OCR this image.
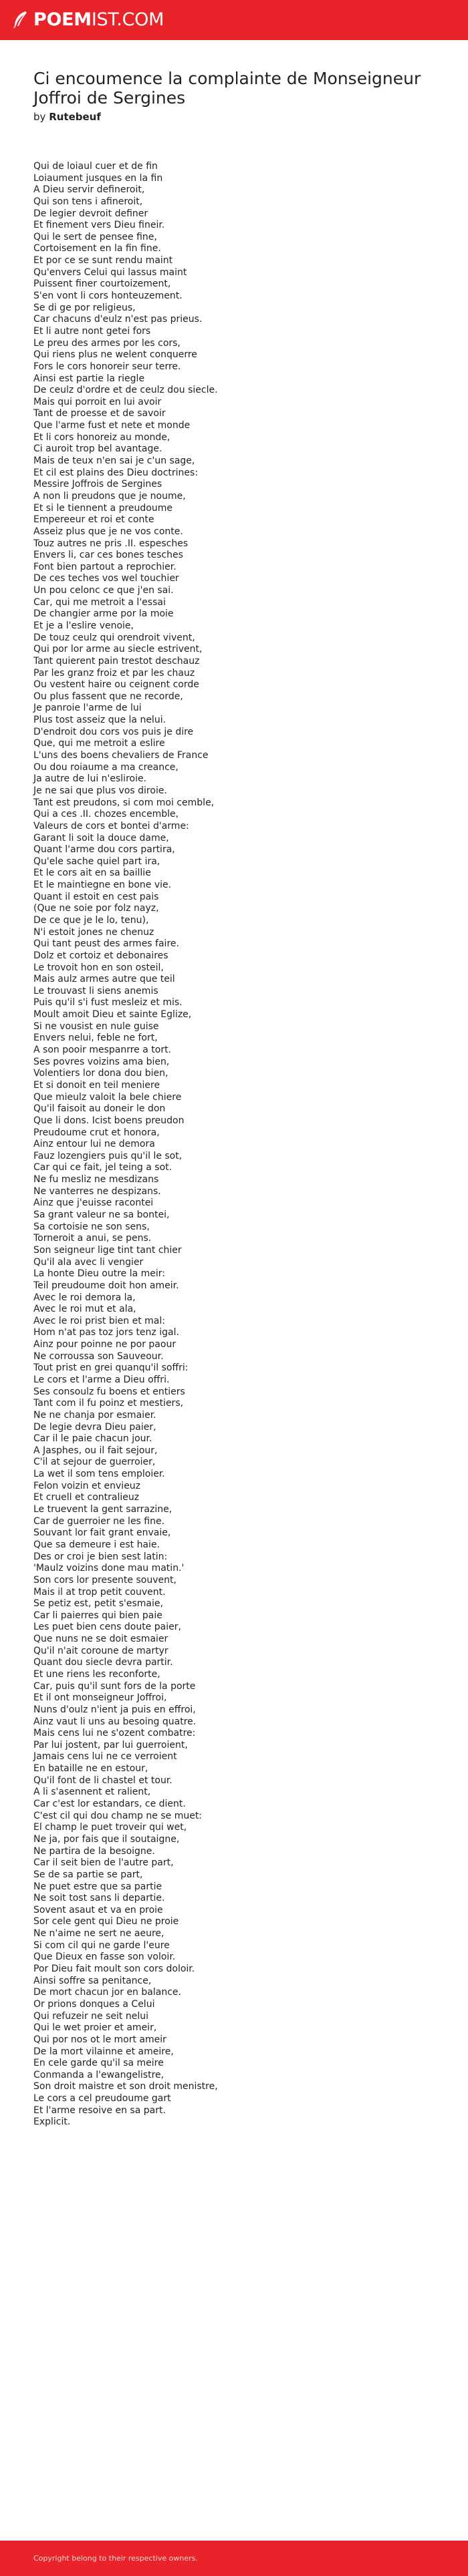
POEMIST.COM
Ci encoumence la complainte de Monseigneur Joffroi de Sergines
by Rutebeuf
Qui de loiaul cuer et de fin
Loiaument jusques en la fin
A Dieu servir defineroit,
Qui son tens i afineroit,
De legier devroit definer
Et finement vers Dieu fineir.
Qui le sert de pensee fine,
Cortoisement en la fin fine.
Et por ce se sunt rendu maint
Qu'envers Celui qui lassus maint
Puissent finer courtoizement,
S'en vont li cors honteuzement.
Se di ge por religieus,
Car chacuns d'eulz n'est pas prieus.
Et li autre nont getei fors
Le preu des armes por les cors,
Qui riens plus ne welent conquerre
Fors le cors honoreir seur terre.
Ainsi est partie la riegle
De ceulz d'ordre et de ceulz dou siecle.
Mais qui porroit en lui avoir
Tant de proesse et de savoir
Que l'arme fust et nete et monde
Et li cors honoreiz au monde,
Ci auroit trop bel avantage.
Mais de teux n'en sai je c'un sage,
Et cil est plains des Dieu doctrines:
Messire Joffrois de Sergines
A non li preudons que je noume,
Et si le tiennent a preudoume
Empereeur et roi et conte
Asseiz plus que je ne vos conte.
Touz autres ne pris .II. espesches
Envers li, car ces bones tesches
Font bien partout a reprochier.
De ces teches vos wel touchier
Un pou celonc ce que j'en sai.
Car, qui me metroit a l'essai
De changier arme por la moie
Et je a l'eslire venoie,
De touz ceulz qui orendroit vivent,
Qui por lor arme au siecle estrivent,
Tant quierent pain trestot deschauz
Par les granz froiz et par les chauz
Ou vestent haire ou ceignent corde
Ou plus fassent que ne recorde,
Je panroie l'arme de lui
Plus tost asseiz que la nelui.
D'endroit dou cors vos puis je dire
Que, qui me metroit a eslire
L'uns des boens chevaliers de France
Ou dou roiaume a ma creance,
Ja autre de lui n'esliroie.
Je ne sai que plus vos diroie.
Tant est preudons, si com moi cemble,
Qui a ces .II. chozes encemble,
Valeurs de cors et bontei d'arme:
Garant li soit la douce dame,
Quant l'arme dou cors partira,
Qu'ele sache quiel part ira,
Et le cors ait en sa baillie
Et le maintiegne en bone vie.
Quant il estoit en cest pais
(Que ne soie por folz nayz,
De ce que je le lo, tenu),
N'i estoit jones ne chenuz
Qui tant peust des armes faire.
Dolz et cortoiz et debonaires
Le trovoit hon en son osteil,
Mais aulz armes autre que teil
Le trouvast li siens anemis
Puis qu'il s'i fust mesleiz et mis.
Moult amoit Dieu et sainte Eglize,
Si ne vousist en nule guise
Envers nelui, feble ne fort,
A son pooir mespanrre a tort.
Ses povres voizins ama bien,
Volentiers lor dona dou bien,
Et si donoit en teil meniere
Que mieulz valoit la bele chiere
Qu'il faisoit au doneir le don
Que li dons. Icist boens preudon
Preudoume crut et honora,
Ainz entour lui ne demora
Fauz lozengiers puis qu'il le sot,
Car qui ce fait, jel teing a sot.
Ne fu mesliz ne mesdizans
Ne vanterres ne despizans.
Ainz que j'euisse racontei
Sa grant valeur ne sa bontei,
Sa cortoisie ne son sens,
Torneroit a anui, se pens.
Son seigneur lige tint tant chier
Qu'il ala avec li vengier
La honte Dieu outre la meir:
Teil preudoume doit hon ameir.
Avec le roi demora la,
Avec le roi mut et ala,
Avec le roi prist bien et mal:
Hom n'at pas toz jors tenz igal.
Ainz pour poinne ne por paour
Ne corroussa son Sauveour.
Tout prist en grei quanqu'il soffri:
Le cors et l'arme a Dieu offri.
Ses consoulz fu boens et entiers
Tant com il fu poinz et mestiers,
Ne ne chanja por esmaier.
De legie devra Dieu paier,
Car il le paie chacun jour.
A Jasphes, ou il fait sejour,
C'il at sejour de guerroier,
La wet il som tens emploier.
Felon voizin et envieuz
Et cruell et contralieuz
Le truevent la gent sarrazine,
Car de guerroier ne les fine.
Souvant lor fait grant envaie,
Que sa demeure i est haie.
Des or croi je bien sest latin:
'Maulz voizins done mau matin.'
Son cors lor presente souvent,
Mais il at trop petit couvent.
Se petiz est, petit s'esmaie,
Car li paierres qui bien paie
Les puet bien cens doute paier,
Que nuns ne se doit esmaier
Qu'il n'ait coroune de martyr
Quant dou siecle devra partir.
Et une riens les reconforte,
Car, puis qu'il sunt fors de la porte
Et il ont monseigneur Joffroi,
Nuns d'oulz n'ient ja puis en effroi,
Ainz vaut li uns au besoing quatre.
Mais cens lui ne s'ozent combatre:
Par lui jostent, par lui guerroient,
Jamais cens lui ne ce verroient
En bataille ne en estour,
Qu'il font de li chastel et tour.
A li s'asennent et ralient,
Car c'est lor estandars, ce dient.
C'est cil qui dou champ ne se muet:
El champ le puet troveir qui wet,
Ne ja, por fais que il soutaigne,
Ne partira de la besoigne.
Car il seit bien de l'autre part,
Se de sa partie se part,
Ne puet estre que sa partie
Ne soit tost sans li departie.
Sovent asaut et va en proie
Sor cele gent qui Dieu ne proie
Ne n'aime ne sert ne aeure,
Si com cil qui ne garde l'eure
Que Dieux en fasse son voloir.
Por Dieu fait moult son cors doloir.
Ainsi soffre sa penitance,
De mort chacun jor en balance.
Or prions donques a Celui
Qui refuzeir ne seit nelui
Qui le wet proier et ameir,
Qui por nos ot le mort ameir
De la mort vilainne et ameire,
En cele garde qu'il sa meire
Conmanda a l'ewangelistre,
Son droit maistre et son droit menistre,
Le cors a cel preudoume gart
Et l'arme resoive en sa part.
Explicit.
Copyright belong to their respective owners.
